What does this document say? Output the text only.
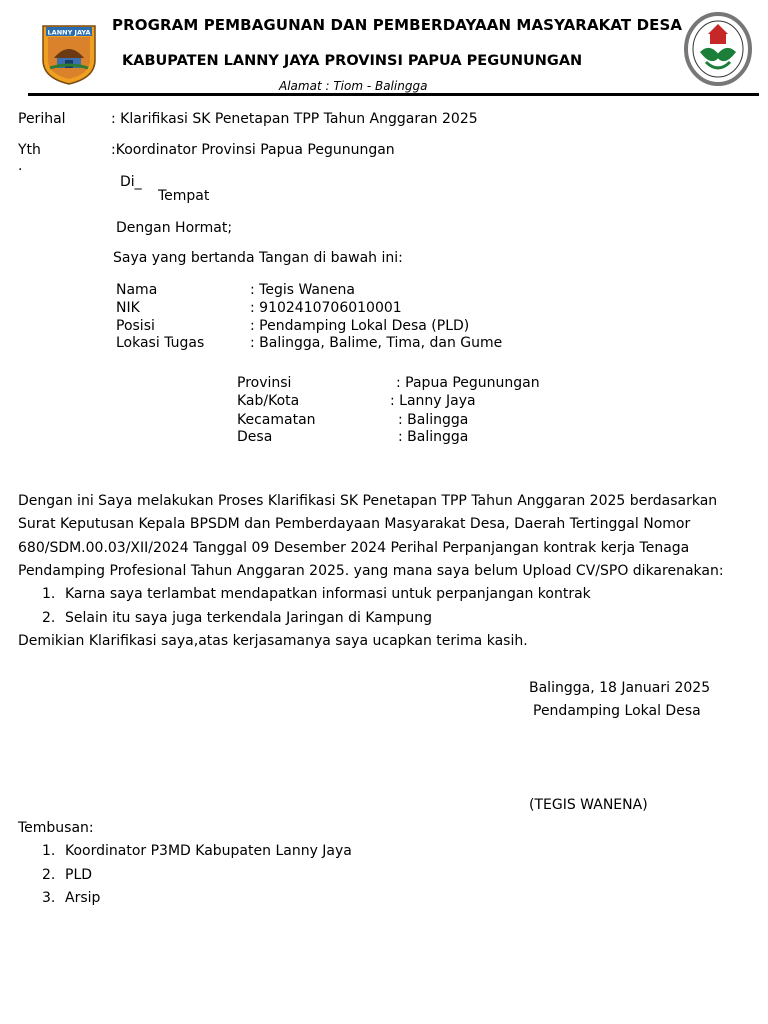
LANNY JAYA PROGRAM PEMBAGUNAN DAN PEMBERDAYAAN MASYARAKAT DESA
KABUPATEN LANNY JAYA PROVINSI PAPUA PEGUNUNGAN
Alamat : Tiom - Balingga
Perihal	: Klarifikasi SK Penetapan TPP Tahun Anggaran 2025
Yth
.
:Koordinator Provinsi Papua Pegunungan
Di_
Tempat
Dengan Hormat;
Saya yang bertanda Tangan di bawah ini:
Nama	: Tegis Wanena
NIK	: 9102410706010001
Posisi	: Pendamping Lokal Desa (PLD)
Lokasi Tugas	: Balingga, Balime, Tima, dan Gume
Provinsi	: Papua Pegunungan
Kab/Kota	: Lanny Jaya
Kecamatan	: Balingga
Desa	: Balingga
Dengan ini Saya melakukan Proses Klarifikasi SK Penetapan TPP Tahun Anggaran 2025 berdasarkan
Surat Keputusan Kepala BPSDM dan Pemberdayaan Masyarakat Desa, Daerah Tertinggal Nomor
680/SDM.00.03/XII/2024 Tanggal 09 Desember 2024 Perihal Perpanjangan kontrak kerja Tenaga
Pendamping Profesional Tahun Anggaran 2025. yang mana saya belum Upload CV/SPO dikarenakan:
1. Karna saya terlambat mendapatkan informasi untuk perpanjangan kontrak
2. Selain itu saya juga terkendala Jaringan di Kampung
Demikian Klarifikasi saya,atas kerjasamanya saya ucapkan terima kasih.
Balingga, 18 Januari 2025
Pendamping Lokal Desa
(TEGIS WANENA)
Tembusan:
1. Koordinator P3MD Kabupaten Lanny Jaya
2. PLD
3. Arsip
